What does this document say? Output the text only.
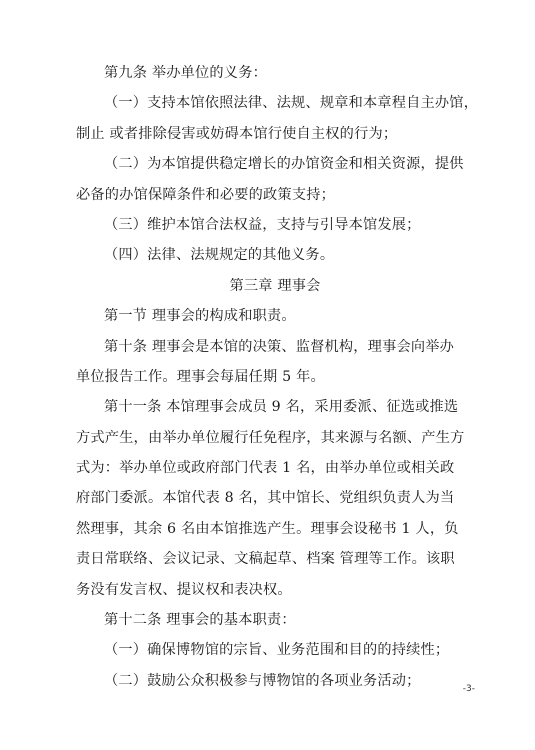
第九条 举办单位的义务：
（一）支持本馆依照法律、法规、规章和本章程自主办馆，
制止 或者排除侵害或妨碍本馆行使自主权的行为；
（二）为本馆提供稳定增长的办馆资金和相关资源，提供
必备的办馆保障条件和必要的政策支持；
（三）维护本馆合法权益，支持与引导本馆发展；
（四）法律、法规规定的其他义务。
第三章 理事会
第一节 理事会的构成和职责。
第十条 理事会是本馆的决策、监督机构，理事会向举办
单位报告工作。理事会每届任期 5 年。
第十一条 本馆理事会成员 9 名，采用委派、征选或推选
方式产生，由举办单位履行任免程序，其来源与名额、产生方
式为：举办单位或政府部门代表 1 名，由举办单位或相关政
府部门委派。本馆代表 8 名，其中馆长、党组织负责人为当
然理事，其余 6 名由本馆推选产生。理事会设秘书 1 人，负
责日常联络、会议记录、文稿起草、档案 管理等工作。该职
务没有发言权、提议权和表决权。
第十二条 理事会的基本职责：
（一）确保博物馆的宗旨、业务范围和目的的持续性；
（二）鼓励公众积极参与博物馆的各项业务活动；
-3-
